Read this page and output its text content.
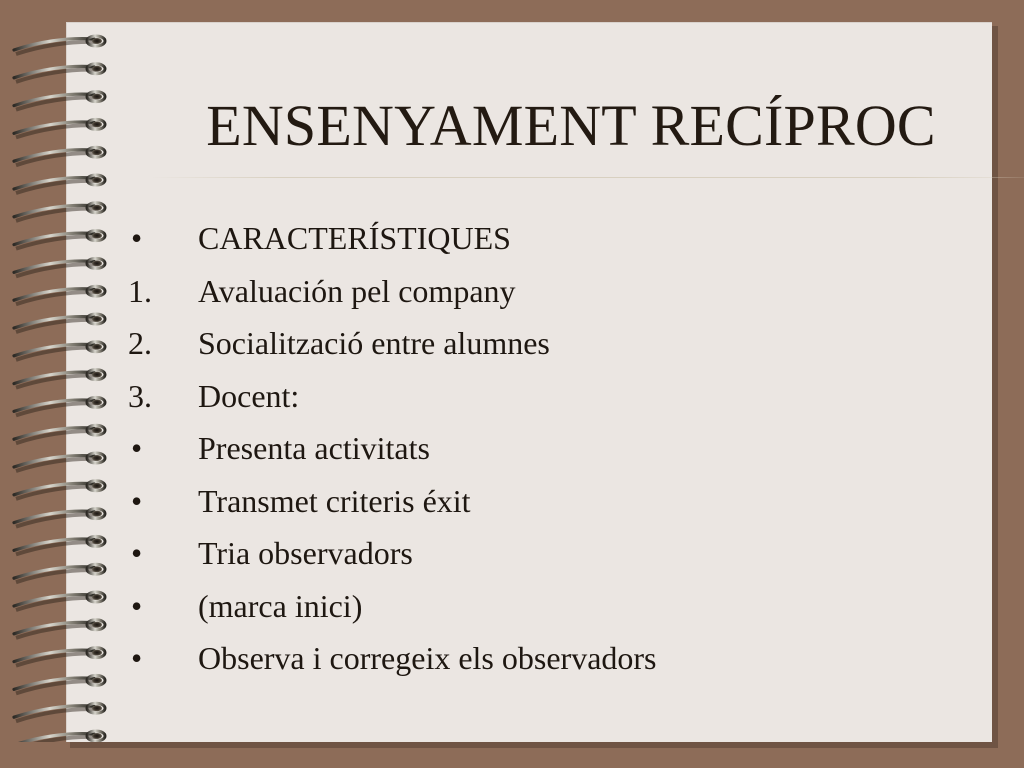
ENSENYAMENT RECÍPROC
•	CARACTERÍSTIQUES
1.	Avaluación pel company
2.	Socialització entre alumnes
3.	Docent:
•	Presenta activitats
•	Transmet criteris éxit
•	Tria observadors
•	(marca inici)
•	Observa i corregeix els observadors
